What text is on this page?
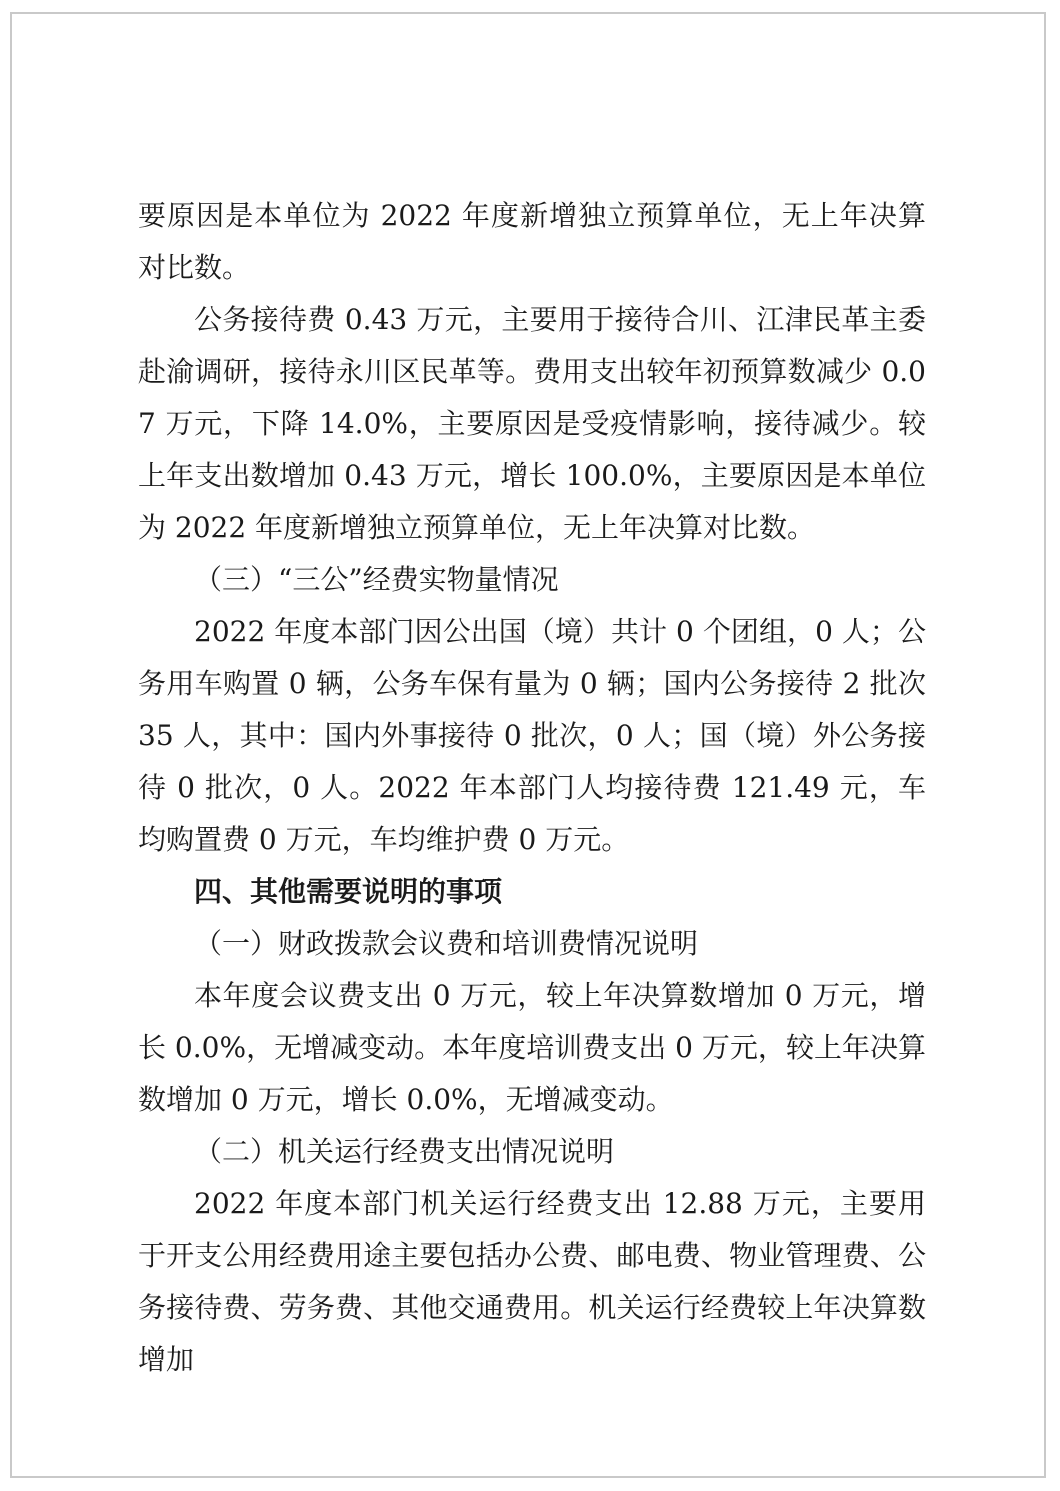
要原因是本单位为 2022 年度新增独立预算单位，无上年决算对比数。

公务接待费 0.43 万元，主要用于接待合川、江津民革主委赴渝调研，接待永川区民革等。费用支出较年初预算数减少 0.07 万元，下降 14.0%，主要原因是受疫情影响，接待减少。较上年支出数增加 0.43 万元，增长 100.0%，主要原因是本单位为 2022 年度新增独立预算单位，无上年决算对比数。

（三）“三公”经费实物量情况

2022 年度本部门因公出国（境）共计 0 个团组，0 人；公务用车购置 0 辆，公务车保有量为 0 辆；国内公务接待 2 批次 35 人，其中：国内外事接待 0 批次，0 人；国（境）外公务接待 0 批次，0 人。2022 年本部门人均接待费 121.49 元，车均购置费 0 万元，车均维护费 0 万元。

四、其他需要说明的事项

（一）财政拨款会议费和培训费情况说明

本年度会议费支出 0 万元，较上年决算数增加 0 万元，增长 0.0%，无增减变动。本年度培训费支出 0 万元，较上年决算数增加 0 万元，增长 0.0%，无增减变动。

（二）机关运行经费支出情况说明

2022 年度本部门机关运行经费支出 12.88 万元，主要用于开支公用经费用途主要包括办公费、邮电费、物业管理费、公务接待费、劳务费、其他交通费用。机关运行经费较上年决算数增加
